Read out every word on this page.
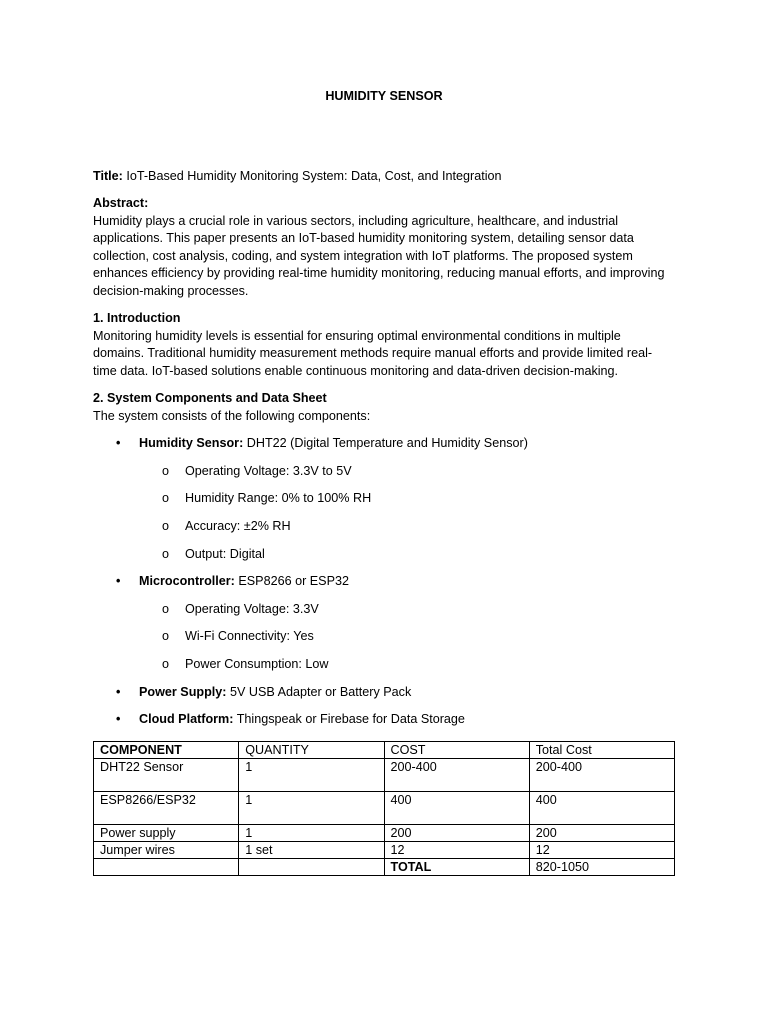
HUMIDITY SENSOR

Title: IoT-Based Humidity Monitoring System: Data, Cost, and Integration

Abstract:
Humidity plays a crucial role in various sectors, including agriculture, healthcare, and industrial applications. This paper presents an IoT-based humidity monitoring system, detailing sensor data collection, cost analysis, coding, and system integration with IoT platforms. The proposed system enhances efficiency by providing real-time humidity monitoring, reducing manual efforts, and improving decision-making processes.

1. Introduction
Monitoring humidity levels is essential for ensuring optimal environmental conditions in multiple domains. Traditional humidity measurement methods require manual efforts and provide limited real-time data. IoT-based solutions enable continuous monitoring and data-driven decision-making.

2. System Components and Data Sheet
The system consists of the following components:

• Humidity Sensor: DHT22 (Digital Temperature and Humidity Sensor)
o Operating Voltage: 3.3V to 5V
o Humidity Range: 0% to 100% RH
o Accuracy: ±2% RH
o Output: Digital
• Microcontroller: ESP8266 or ESP32
o Operating Voltage: 3.3V
o Wi-Fi Connectivity: Yes
o Power Consumption: Low
• Power Supply: 5V USB Adapter or Battery Pack
• Cloud Platform: Thingspeak or Firebase for Data Storage
COMPONENT	QUANTITY	COST	Total Cost
DHT22 Sensor	1	200-400	200-400
ESP8266/ESP32	1	400	400
Power supply	1	200	200
Jumper wires	1 set	12	12
		TOTAL	820-1050
